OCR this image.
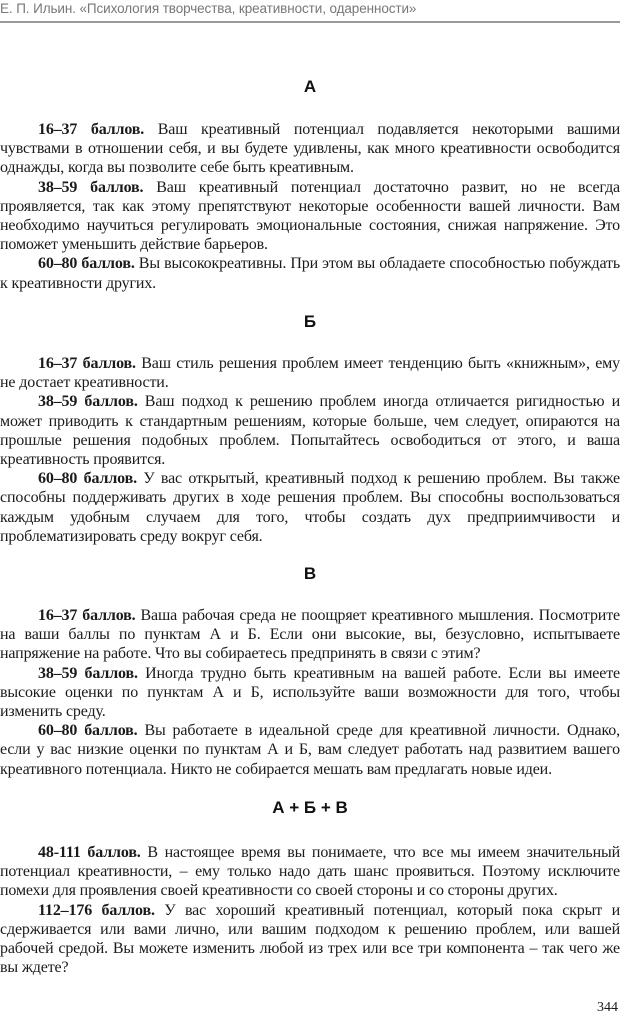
Е. П. Ильин. «Психология творчества, креативности, одаренности»
А

16–37 баллов. Ваш креативный потенциал подавляется некоторыми вашими чувствами в отношении себя, и вы будете удивлены, как много креативности освободится однажды, когда вы позволите себе быть креативным.

38–59 баллов. Ваш креативный потенциал достаточно развит, но не всегда проявляется, так как этому препятствуют некоторые особенности вашей личности. Вам необходимо научиться регулировать эмоциональные состояния, снижая напряжение. Это поможет уменьшить действие барьеров.

60–80 баллов. Вы высококреативны. При этом вы обладаете способностью побуждать к креативности других.

Б

16–37 баллов. Ваш стиль решения проблем имеет тенденцию быть «книжным», ему не достает креативности.

38–59 баллов. Ваш подход к решению проблем иногда отличается ригидностью и может приводить к стандартным решениям, которые больше, чем следует, опираются на прошлые решения подобных проблем. Попытайтесь освободиться от этого, и ваша креативность проявится.

60–80 баллов. У вас открытый, креативный подход к решению проблем. Вы также способны поддерживать других в ходе решения проблем. Вы способны воспользоваться каждым удобным случаем для того, чтобы создать дух предприимчивости и проблематизировать среду вокруг себя.

В

16–37 баллов. Ваша рабочая среда не поощряет креативного мышления. Посмотрите на ваши баллы по пунктам А и Б. Если они высокие, вы, безусловно, испытываете напряжение на работе. Что вы собираетесь предпринять в связи с этим?

38–59 баллов. Иногда трудно быть креативным на вашей работе. Если вы имеете высокие оценки по пунктам А и Б, используйте ваши возможности для того, чтобы изменить среду.

60–80 баллов. Вы работаете в идеальной среде для креативной личности. Однако, если у вас низкие оценки по пунктам А и Б, вам следует работать над развитием вашего креативного потенциала. Никто не собирается мешать вам предлагать новые идеи.

А + Б + В

48-111 баллов. В настоящее время вы понимаете, что все мы имеем значительный потенциал креативности, – ему только надо дать шанс проявиться. Поэтому исключите помехи для проявления своей креативности со своей стороны и со стороны других.

112–176 баллов. У вас хороший креативный потенциал, который пока скрыт и сдерживается или вами лично, или вашим подходом к решению проблем, или вашей рабочей средой. Вы можете изменить любой из трех или все три компонента – так чего же вы ждете?

344
